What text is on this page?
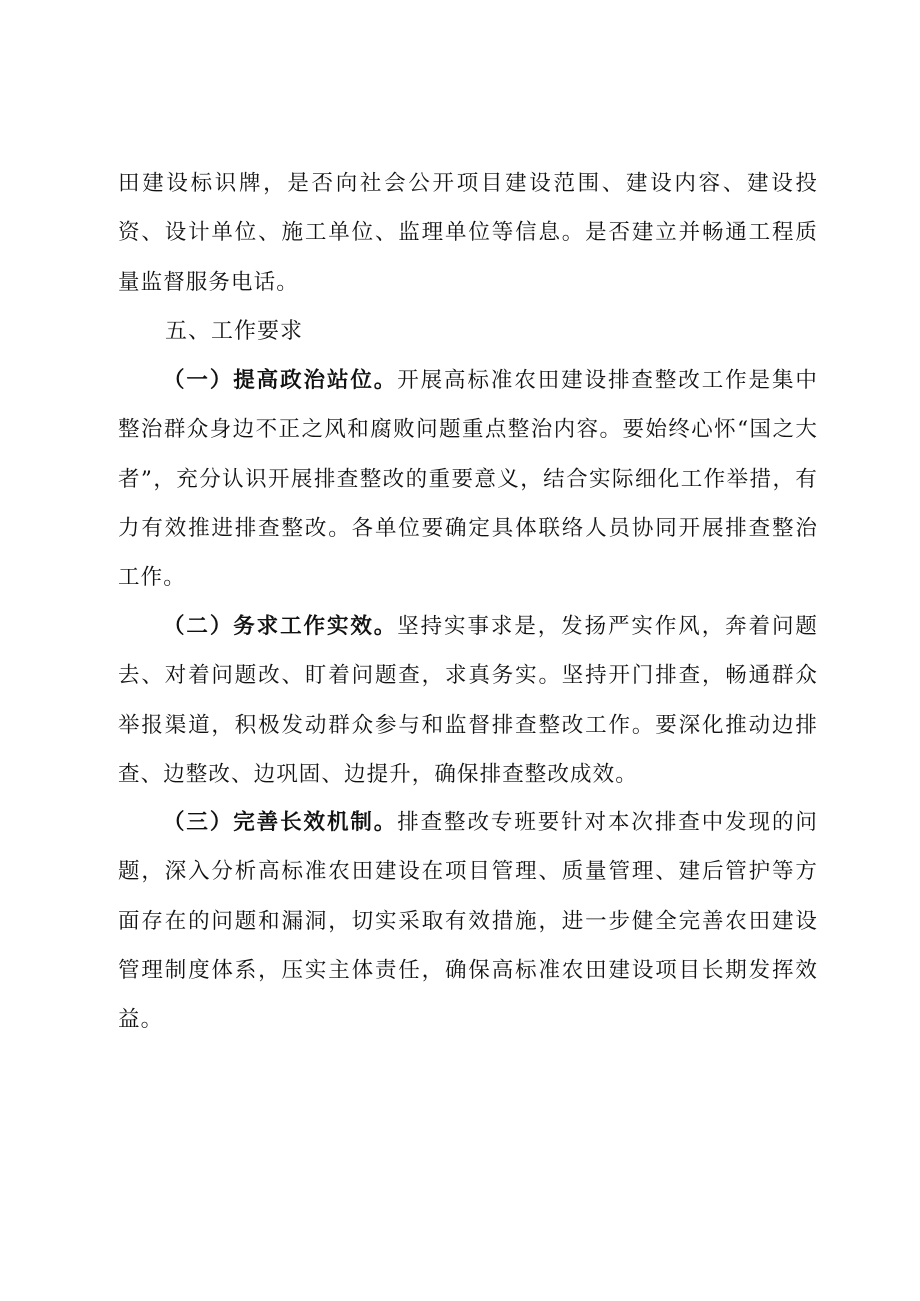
田建设标识牌，是否向社会公开项目建设范围、建设内容、建设投资、设计单位、施工单位、监理单位等信息。是否建立并畅通工程质量监督服务电话。

五、工作要求

（一）提高政治站位。开展高标准农田建设排查整改工作是集中整治群众身边不正之风和腐败问题重点整治内容。要始终心怀“国之大者”，充分认识开展排查整改的重要意义，结合实际细化工作举措，有力有效推进排查整改。各单位要确定具体联络人员协同开展排查整治工作。

（二）务求工作实效。坚持实事求是，发扬严实作风，奔着问题去、对着问题改、盯着问题查，求真务实。坚持开门排查，畅通群众举报渠道，积极发动群众参与和监督排查整改工作。要深化推动边排查、边整改、边巩固、边提升，确保排查整改成效。

（三）完善长效机制。排查整改专班要针对本次排查中发现的问题，深入分析高标准农田建设在项目管理、质量管理、建后管护等方面存在的问题和漏洞，切实采取有效措施，进一步健全完善农田建设管理制度体系，压实主体责任，确保高标准农田建设项目长期发挥效益。
